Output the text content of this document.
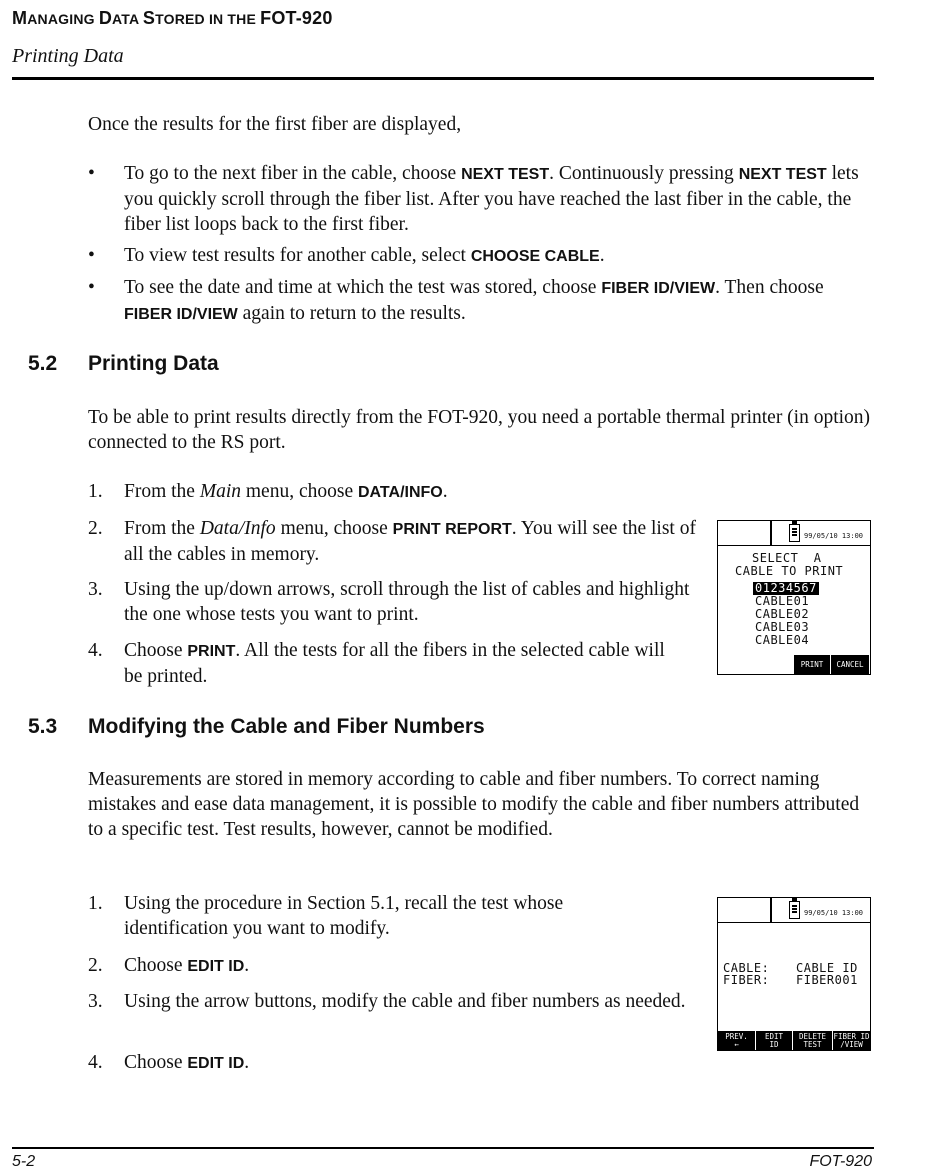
MANAGING DATA STORED IN THE FOT-920
Printing Data
Once the results for the first fiber are displayed,
• To go to the next fiber in the cable, choose NEXT TEST. Continuously pressing NEXT TEST lets you quickly scroll through the fiber list. After you have reached the last fiber in the cable, the fiber list loops back to the first fiber.
• To view test results for another cable, select CHOOSE CABLE.
• To see the date and time at which the test was stored, choose FIBER ID/VIEW. Then choose FIBER ID/VIEW again to return to the results.
5.2 Printing Data
To be able to print results directly from the FOT-920, you need a portable thermal printer (in option) connected to the RS port.
1. From the Main menu, choose DATA/INFO.
2. From the Data/Info menu, choose PRINT REPORT. You will see the list of all the cables in memory.
3. Using the up/down arrows, scroll through the list of cables and highlight the one whose tests you want to print.
4. Choose PRINT. All the tests for all the fibers in the selected cable will be printed.
99/05/10 13:00
SELECT  A
CABLE TO PRINT
01234567
CABLE01
CABLE02
CABLE03
CABLE04
PRINT	CANCEL
5.3 Modifying the Cable and Fiber Numbers
Measurements are stored in memory according to cable and fiber numbers. To correct naming mistakes and ease data management, it is possible to modify the cable and fiber numbers attributed to a specific test. Test results, however, cannot be modified.
1. Using the procedure in Section 5.1, recall the test whose identification you want to modify.
2. Choose EDIT ID.
3. Using the arrow buttons, modify the cable and fiber numbers as needed.
4. Choose EDIT ID.
99/05/10 13:00
CABLE: CABLE ID
FIBER: FIBER001
PREV.
←
EDIT
ID
DELETE
TEST
FIBER ID
/VIEW
5-2	FOT-920
